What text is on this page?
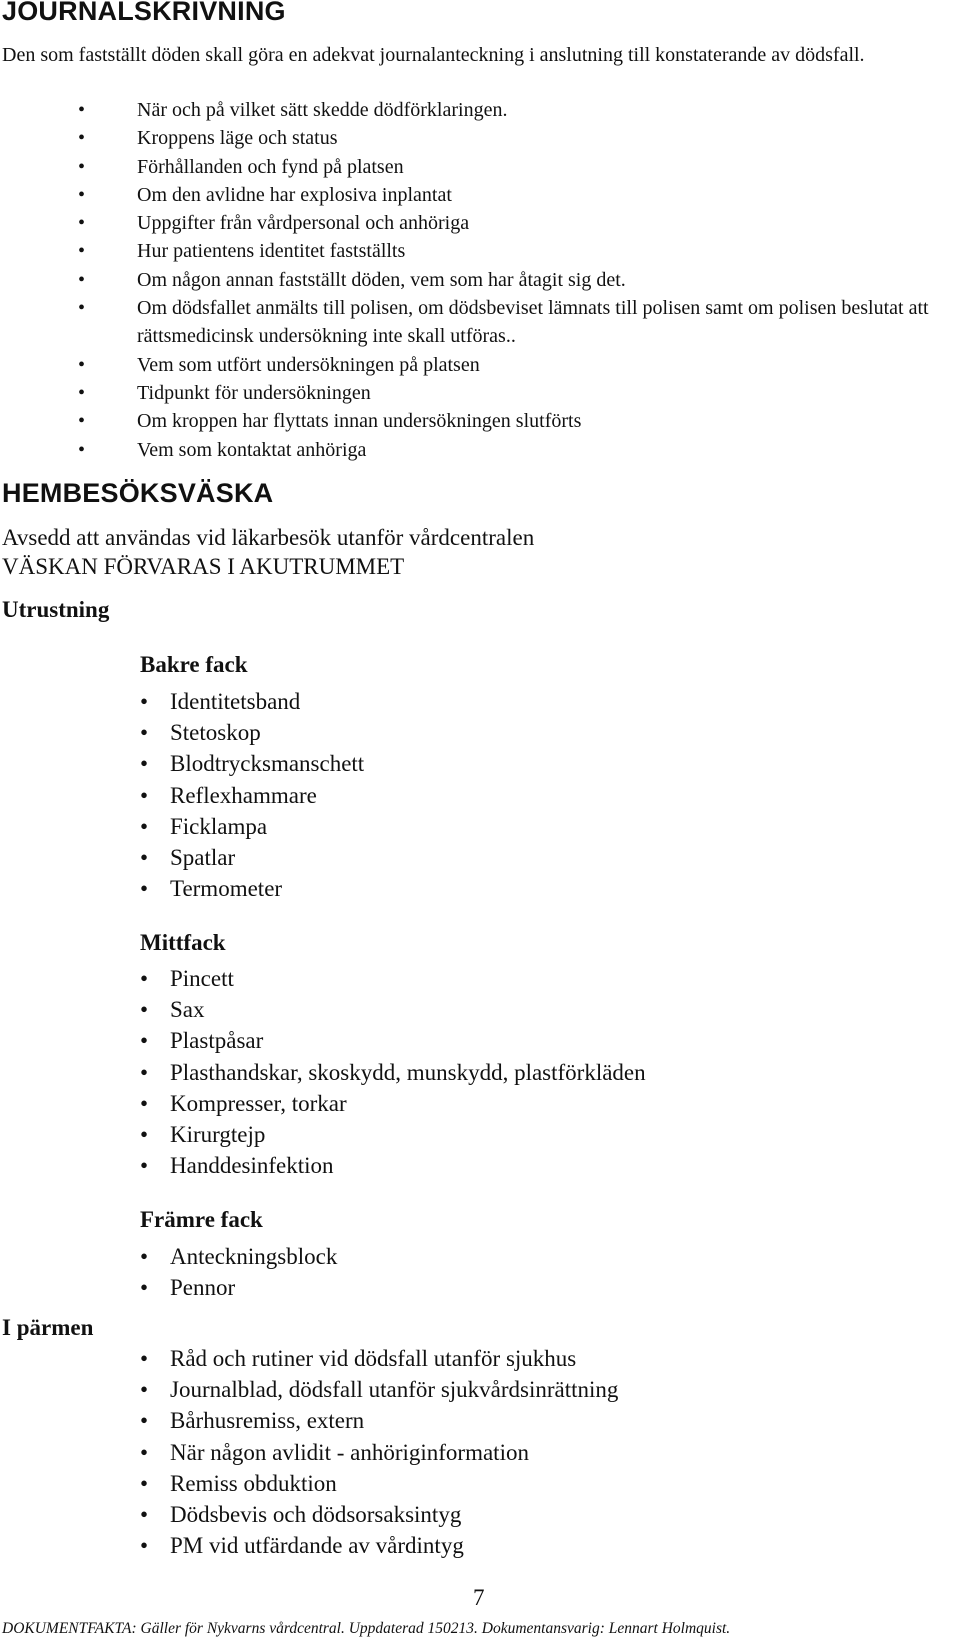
JOURNALSKRIVNING

Den som fastställt döden skall göra en adekvat journalanteckning i anslutning till konstaterande av dödsfall.

• När och på vilket sätt skedde dödförklaringen.
• Kroppens läge och status
• Förhållanden och fynd på platsen
• Om den avlidne har explosiva inplantat
• Uppgifter från vårdpersonal och anhöriga
• Hur patientens identitet fastställts
• Om någon annan fastställt döden, vem som har åtagit sig det.
• Om dödsfallet anmälts till polisen, om dödsbeviset lämnats till polisen samt om polisen beslutat att rättsmedicinsk undersökning inte skall utföras..
• Vem som utfört undersökningen på platsen
• Tidpunkt för undersökningen
• Om kroppen har flyttats innan undersökningen slutförts
• Vem som kontaktat anhöriga
HEMBESÖKSVÄSKA

Avsedd att användas vid läkarbesök utanför vårdcentralen

VÄSKAN FÖRVARAS I AKUTRUMMET

Utrustning

Bakre fack

• Identitetsband
• Stetoskop
• Blodtrycksmanschett
• Reflexhammare
• Ficklampa
• Spatlar
• Termometer

Mittfack

• Pincett
• Sax
• Plastpåsar
• Plasthandskar, skoskydd, munskydd, plastförkläden
• Kompresser, torkar
• Kirurgtejp
• Handdesinfektion

Främre fack

• Anteckningsblock
• Pennor

I pärmen

• Råd och rutiner vid dödsfall utanför sjukhus
• Journalblad, dödsfall utanför sjukvårdsinrättning
• Bårhusremiss, extern
• När någon avlidit - anhöriginformation
• Remiss obduktion
• Dödsbevis och dödsorsaksintyg
• PM vid utfärdande av vårdintyg

7

DOKUMENTFAKTA: Gäller för Nykvarns vårdcentral. Uppdaterad 150213. Dokumentansvarig: Lennart Holmquist.
